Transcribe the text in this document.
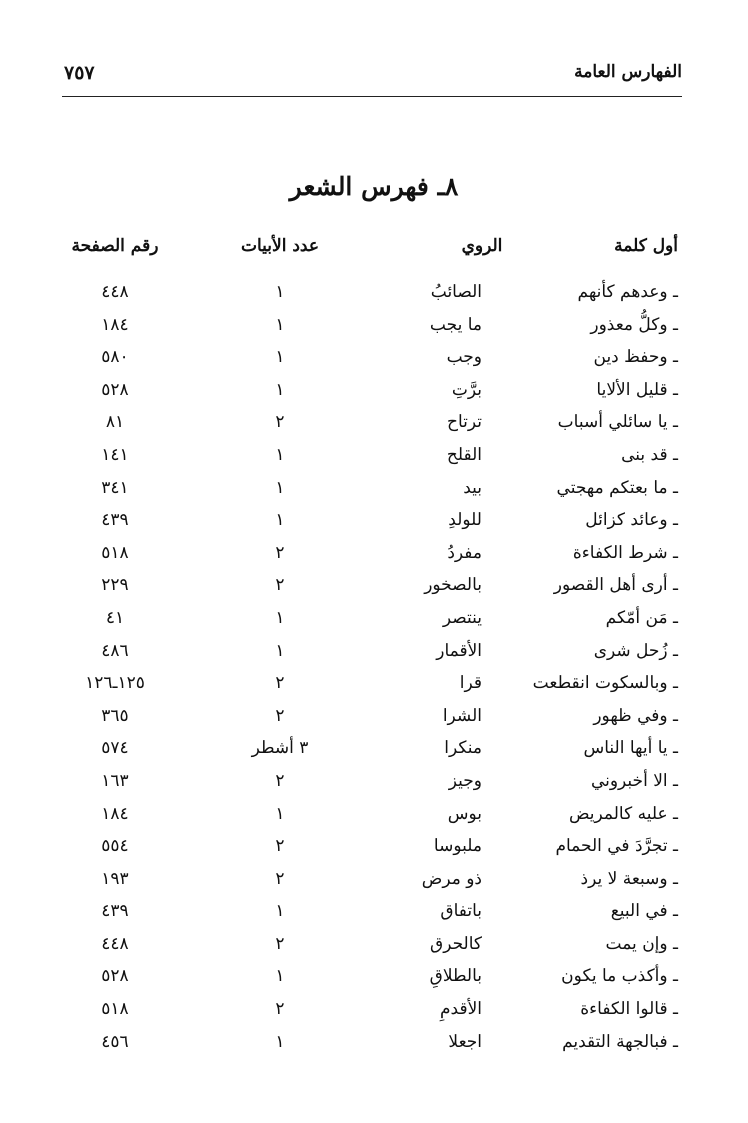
الفهارس العامة
٧٥٧
٨ـ فهرس الشعر
أول كلمة
الروي
عدد الأبيات
رقم الصفحة
ـ وعدهم كأنهم
الصائبُ
١
٤٤٨
ـ وكلُّ معذور
ما يجب
١
١٨٤
ـ وحفظ دين
وجب
١
٥٨٠
ـ قليل الألايا
برَّتِ
١
٥٢٨
ـ يا سائلي أسباب
ترتاح
٢
٨١
ـ قد بنى
القلح
١
١٤١
ـ ما بعتكم مهجتي
بيد
١
٣٤١
ـ وعائد كزائل
للولدِ
١
٤٣٩
ـ شرط الكفاءة
مفردُ
٢
٥١٨
ـ أرى أهل القصور
بالصخور
٢
٢٢٩
ـ مَن أمّكم
ينتصر
١
٤١
ـ زُحل شرى
الأقمار
١
٤٨٦
ـ وبالسكوت انقطعت
قرا
٢
١٢٥ـ١٢٦
ـ وفي ظهور
الشرا
٢
٣٦٥
ـ يا أيها الناس
منكرا
٣ أشطر
٥٧٤
ـ الا أخبروني
وجيز
٢
١٦٣
ـ عليه كالمريض
بوس
١
١٨٤
ـ تجرَّدَ في الحمام
ملبوسا
٢
٥٥٤
ـ وسبعة لا يرذ
ذو مرض
٢
١٩٣
ـ في البيع
باتفاق
١
٤٣٩
ـ وإن يمت
كالحرق
٢
٤٤٨
ـ وأكذب ما يكون
بالطلاقِ
١
٥٢٨
ـ قالوا الكفاءة
الأقدمِ
٢
٥١٨
ـ فبالجهة التقديم
اجعلا
١
٤٥٦
